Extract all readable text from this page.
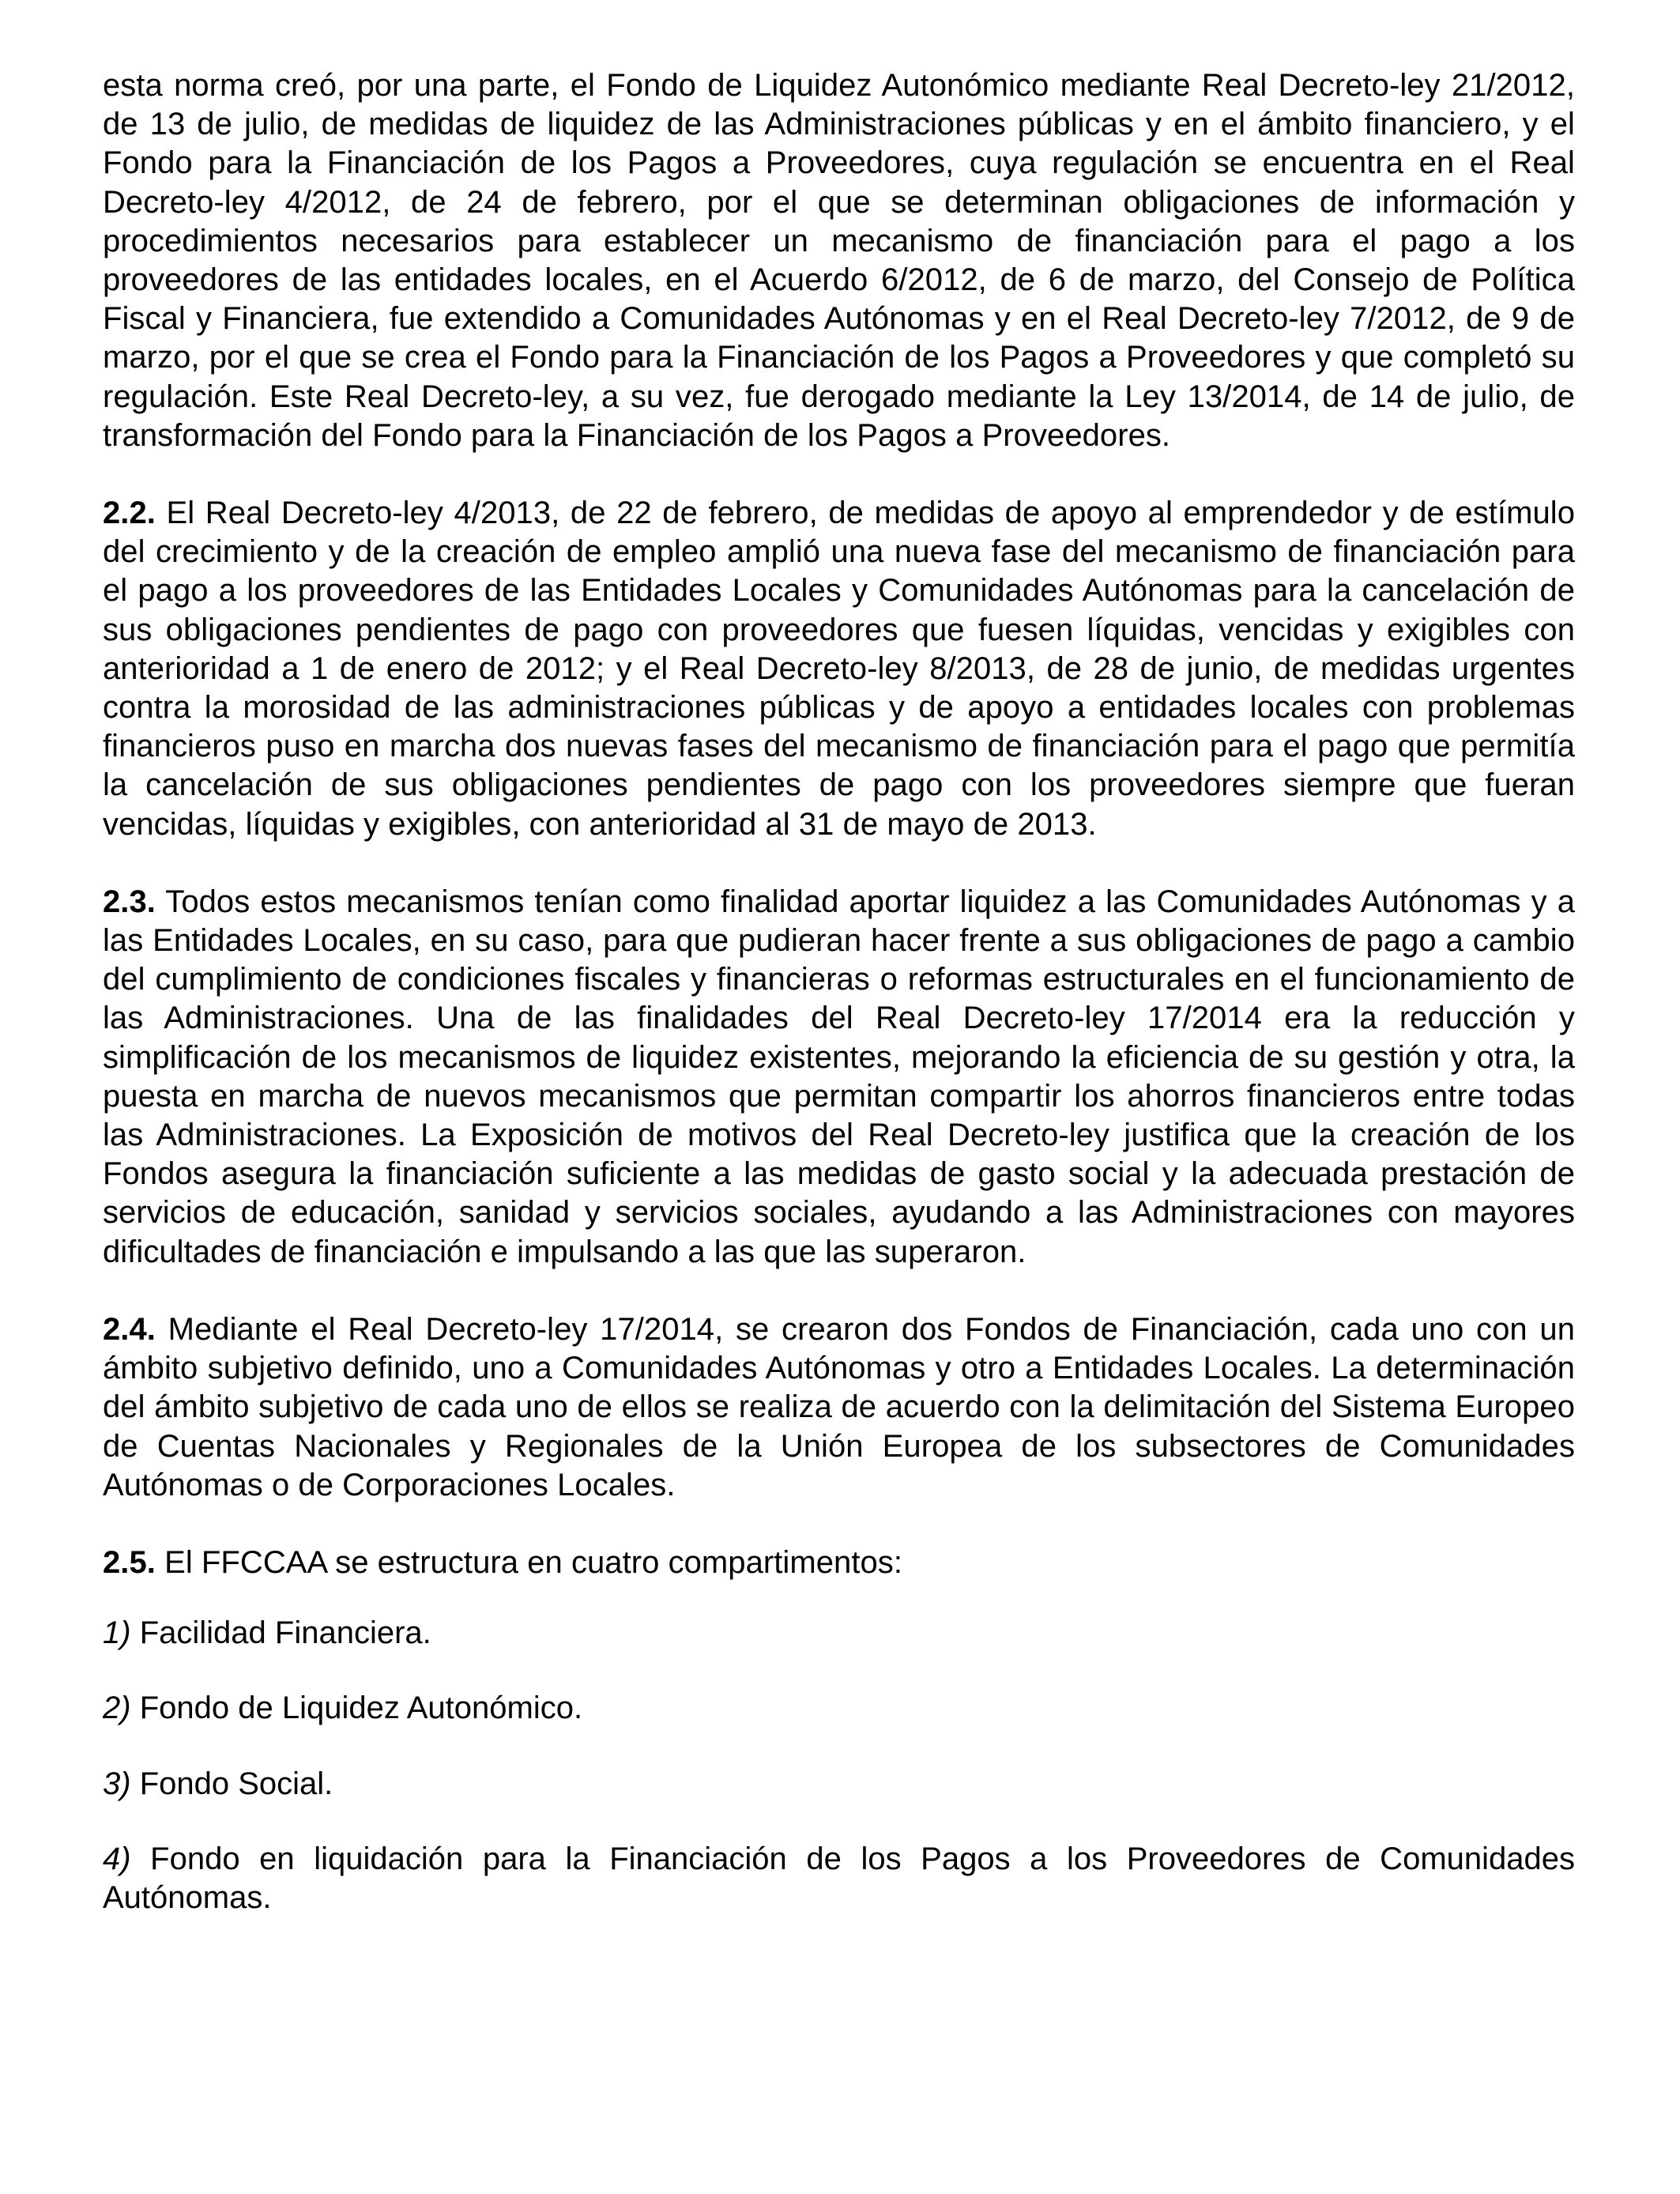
esta norma creó, por una parte, el Fondo de Liquidez Autonómico mediante Real Decreto-ley 21/2012, de 13 de julio, de medidas de liquidez de las Administraciones públicas y en el ámbito financiero, y el Fondo para la Financiación de los Pagos a Proveedores, cuya regulación se encuentra en el Real Decreto-ley 4/2012, de 24 de febrero, por el que se determinan obligaciones de información y procedimientos necesarios para establecer un mecanismo de financiación para el pago a los proveedores de las entidades locales, en el Acuerdo 6/2012, de 6 de marzo, del Consejo de Política Fiscal y Financiera, fue extendido a Comunidades Autónomas y en el Real Decreto-ley 7/2012, de 9 de marzo, por el que se crea el Fondo para la Financiación de los Pagos a Proveedores y que completó su regulación. Este Real Decreto-ley, a su vez, fue derogado mediante la Ley 13/2014, de 14 de julio, de transformación del Fondo para la Financiación de los Pagos a Proveedores.

2.2. El Real Decreto-ley 4/2013, de 22 de febrero, de medidas de apoyo al emprendedor y de estímulo del crecimiento y de la creación de empleo amplió una nueva fase del mecanismo de financiación para el pago a los proveedores de las Entidades Locales y Comunidades Autónomas para la cancelación de sus obligaciones pendientes de pago con proveedores que fuesen líquidas, vencidas y exigibles con anterioridad a 1 de enero de 2012; y el Real Decreto-ley 8/2013, de 28 de junio, de medidas urgentes contra la morosidad de las administraciones públicas y de apoyo a entidades locales con problemas financieros puso en marcha dos nuevas fases del mecanismo de financiación para el pago que permitía la cancelación de sus obligaciones pendientes de pago con los proveedores siempre que fueran vencidas, líquidas y exigibles, con anterioridad al 31 de mayo de 2013.

2.3. Todos estos mecanismos tenían como finalidad aportar liquidez a las Comunidades Autónomas y a las Entidades Locales, en su caso, para que pudieran hacer frente a sus obligaciones de pago a cambio del cumplimiento de condiciones fiscales y financieras o reformas estructurales en el funcionamiento de las Administraciones. Una de las finalidades del Real Decreto-ley 17/2014 era la reducción y simplificación de los mecanismos de liquidez existentes, mejorando la eficiencia de su gestión y otra, la puesta en marcha de nuevos mecanismos que permitan compartir los ahorros financieros entre todas las Administraciones. La Exposición de motivos del Real Decreto-ley justifica que la creación de los Fondos asegura la financiación suficiente a las medidas de gasto social y la adecuada prestación de servicios de educación, sanidad y servicios sociales, ayudando a las Administraciones con mayores dificultades de financiación e impulsando a las que las superaron.

2.4. Mediante el Real Decreto-ley 17/2014, se crearon dos Fondos de Financiación, cada uno con un ámbito subjetivo definido, uno a Comunidades Autónomas y otro a Entidades Locales. La determinación del ámbito subjetivo de cada uno de ellos se realiza de acuerdo con la delimitación del Sistema Europeo de Cuentas Nacionales y Regionales de la Unión Europea de los subsectores de Comunidades Autónomas o de Corporaciones Locales.

2.5. El FFCCAA se estructura en cuatro compartimentos:

1) Facilidad Financiera.

2) Fondo de Liquidez Autonómico.

3) Fondo Social.

4) Fondo en liquidación para la Financiación de los Pagos a los Proveedores de Comunidades Autónomas.
